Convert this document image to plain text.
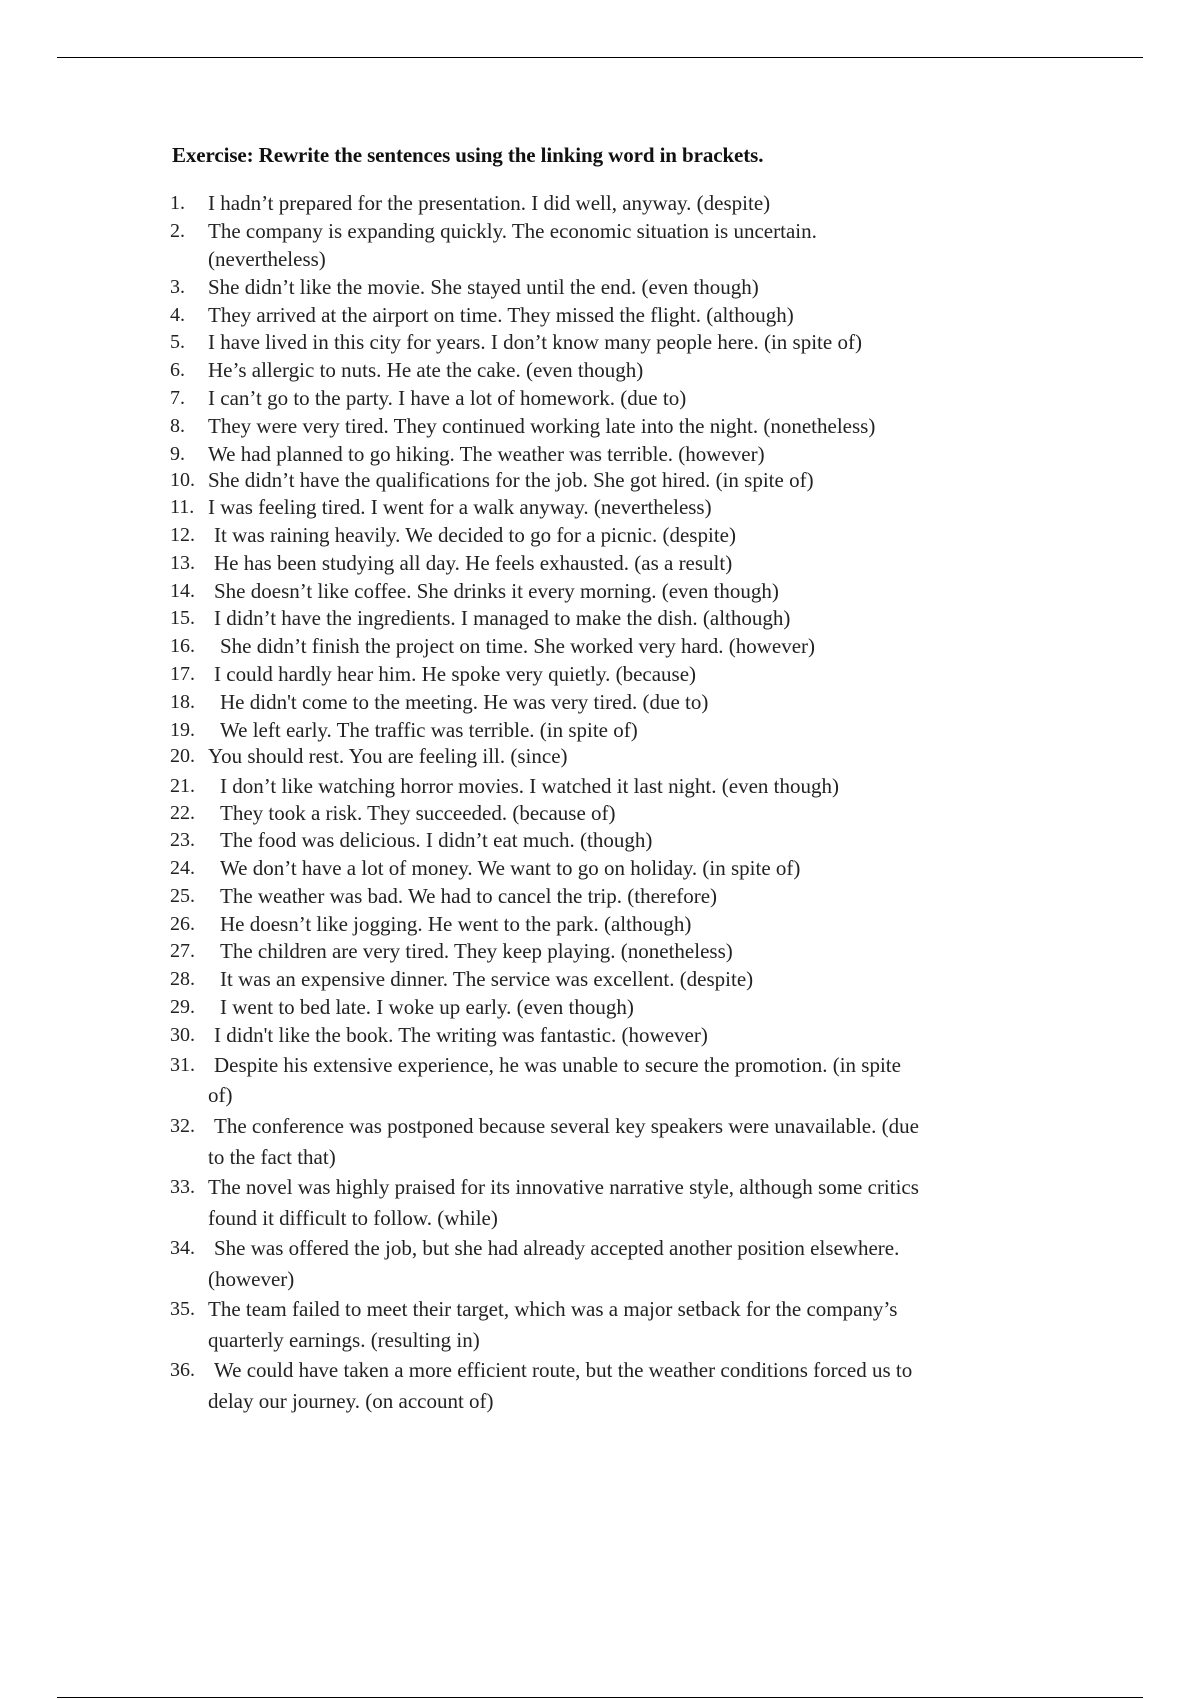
Exercise: Rewrite the sentences using the linking word in brackets.
1. I hadn’t prepared for the presentation. I did well, anyway. (despite)
2. The company is expanding quickly. The economic situation is uncertain.
(nevertheless)
3. She didn’t like the movie. She stayed until the end. (even though)
4. They arrived at the airport on time. They missed the flight. (although)
5. I have lived in this city for years. I don’t know many people here. (in spite of)
6. He’s allergic to nuts. He ate the cake. (even though)
7. I can’t go to the party. I have a lot of homework. (due to)
8. They were very tired. They continued working late into the night. (nonetheless)
9. We had planned to go hiking. The weather was terrible. (however)
10. She didn’t have the qualifications for the job. She got hired. (in spite of)
11. I was feeling tired. I went for a walk anyway. (nevertheless)
12. It was raining heavily. We decided to go for a picnic. (despite)
13. He has been studying all day. He feels exhausted. (as a result)
14. She doesn’t like coffee. She drinks it every morning. (even though)
15. I didn’t have the ingredients. I managed to make the dish. (although)
16. She didn’t finish the project on time. She worked very hard. (however)
17. I could hardly hear him. He spoke very quietly. (because)
18. He didn't come to the meeting. He was very tired. (due to)
19. We left early. The traffic was terrible. (in spite of)
20. You should rest. You are feeling ill. (since)
21. I don’t like watching horror movies. I watched it last night. (even though)
22. They took a risk. They succeeded. (because of)
23. The food was delicious. I didn’t eat much. (though)
24. We don’t have a lot of money. We want to go on holiday. (in spite of)
25. The weather was bad. We had to cancel the trip. (therefore)
26. He doesn’t like jogging. He went to the park. (although)
27. The children are very tired. They keep playing. (nonetheless)
28. It was an expensive dinner. The service was excellent. (despite)
29. I went to bed late. I woke up early. (even though)
30. I didn't like the book. The writing was fantastic. (however)
31. Despite his extensive experience, he was unable to secure the promotion. (in spite
of)
32. The conference was postponed because several key speakers were unavailable. (due
to the fact that)
33. The novel was highly praised for its innovative narrative style, although some critics
found it difficult to follow. (while)
34. She was offered the job, but she had already accepted another position elsewhere.
(however)
35. The team failed to meet their target, which was a major setback for the company’s
quarterly earnings. (resulting in)
36. We could have taken a more efficient route, but the weather conditions forced us to
delay our journey. (on account of)
